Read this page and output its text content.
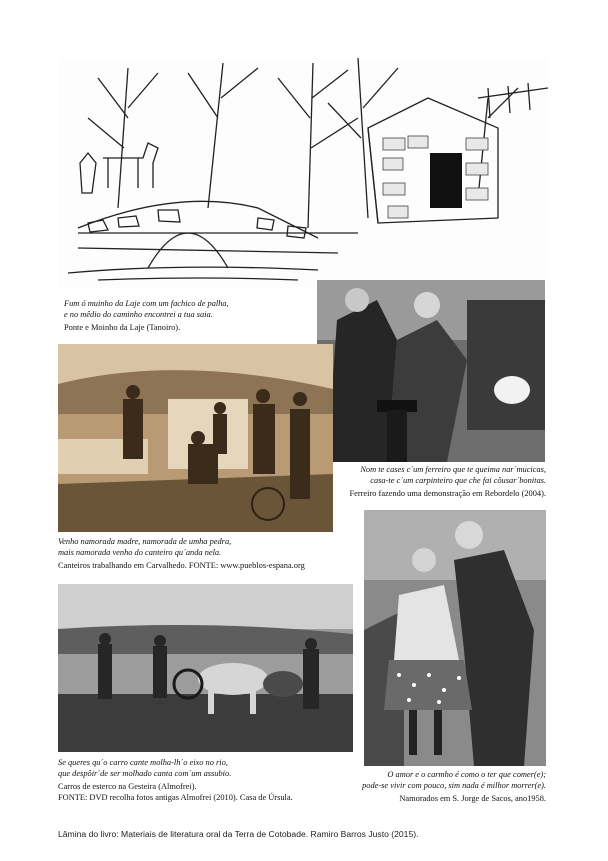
Fum ó muinho da Laje com um fachico de palha,
e no mêdio do caminho encontrei a tua saia.
Ponte e Moinho da Laje (Tanoiro).
Nom te cases c´um ferreiro que te queima nar´mucicas,
casa-te c´um carpinteiro que che fai côusar´bonitas.
Ferreiro fazendo uma demonstração em Rebordelo (2004).
Venho namorada madre, namorada de umha pedra,
mais namorada venho do canteiro qu´anda nela.
Canteiros trabalhando em Carvalhedo. FONTE: www.pueblos-espana.org
Se queres qu´o carro cante molha-lh´o eixo no rio,
que despôir´de ser molhado canta com´um assubio.
Carros de esterco na Gesteira (Almofrei).
FONTE: DVD recolha fotos antigas Almofrei (2010). Casa de Úrsula.
O amor e o carmho é como o ter que comer(e);
pode-se vivir com pouco, sim nada é milhor morrer(e).
Namorados em S. Jorge de Sacos, ano1958.
Lâmina do livro: Materiais de literatura oral da Terra de Cotobade. Ramiro Barros Justo (2015).
